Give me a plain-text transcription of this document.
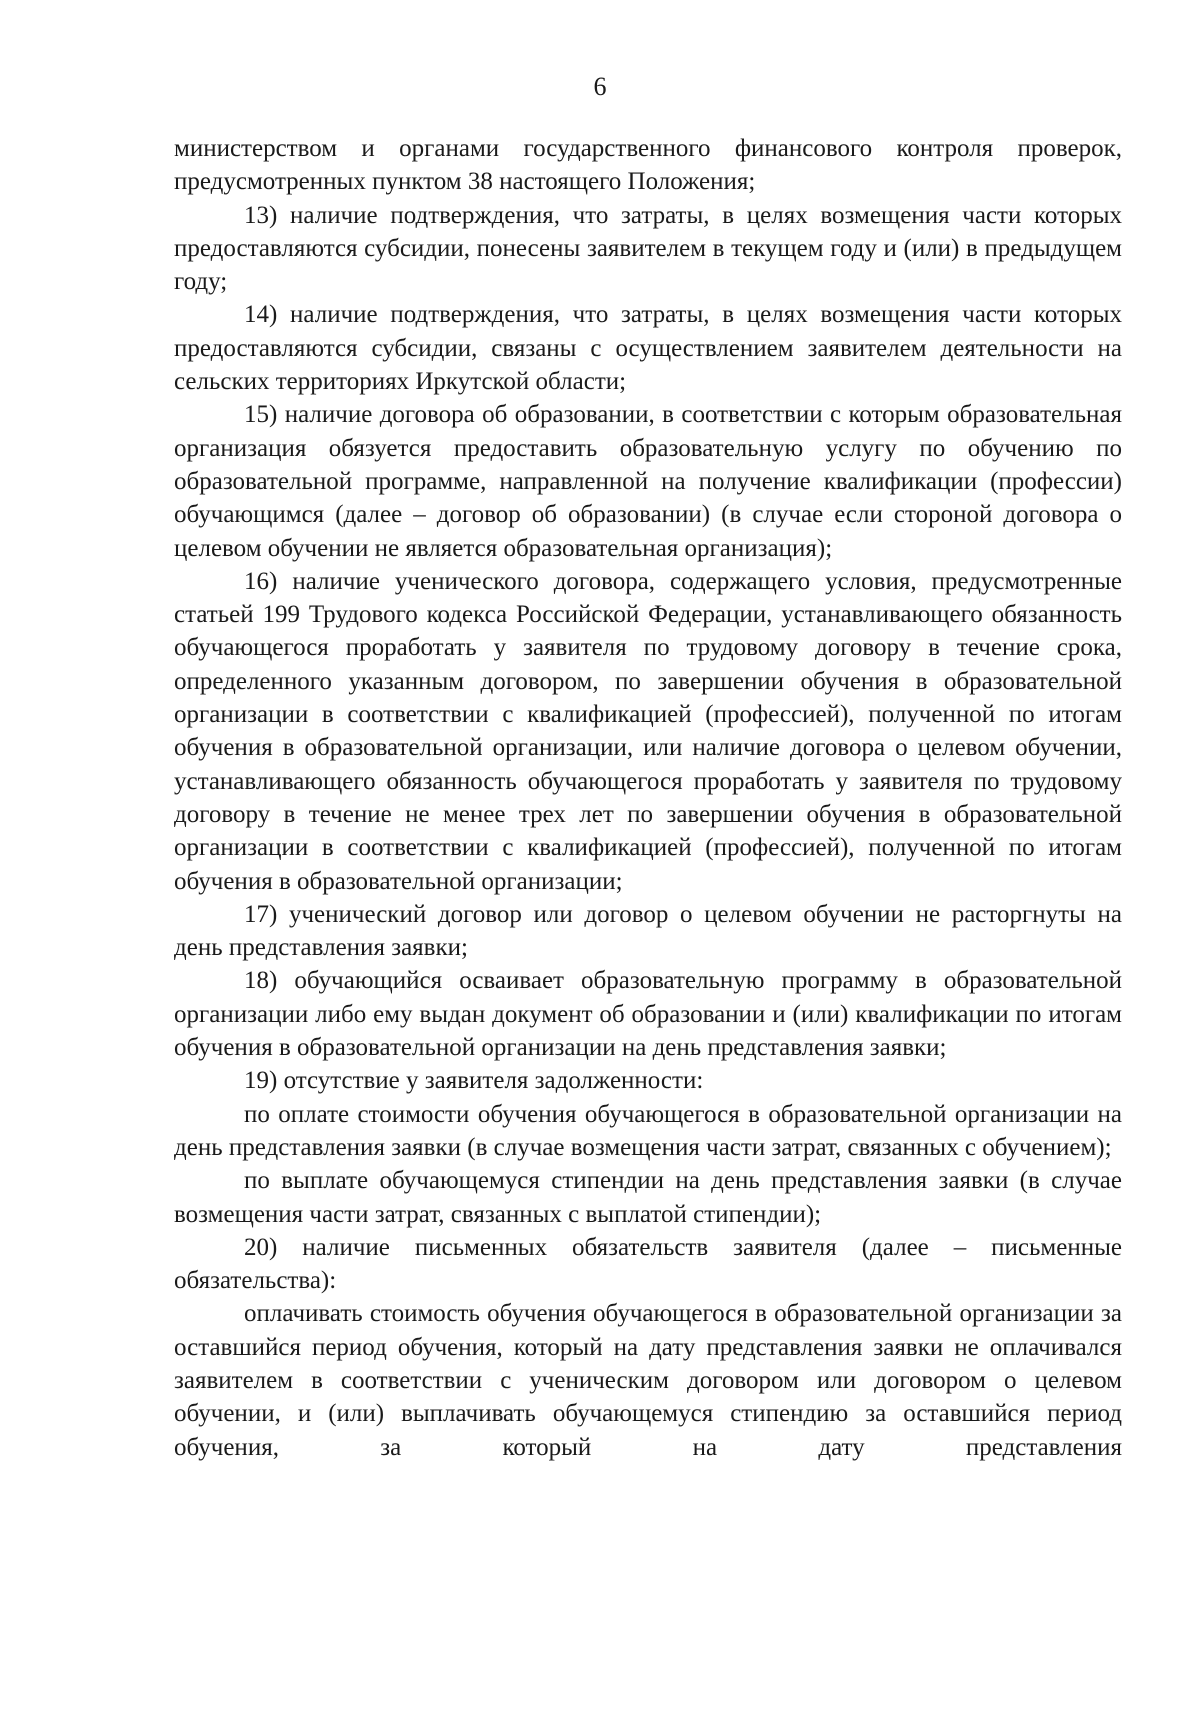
6

министерством и органами государственного финансового контроля проверок, предусмотренных пунктом 38 настоящего Положения;

13) наличие подтверждения, что затраты, в целях возмещения части которых предоставляются субсидии, понесены заявителем в текущем году и (или) в предыдущем году;

14) наличие подтверждения, что затраты, в целях возмещения части которых предоставляются субсидии, связаны с осуществлением заявителем деятельности на сельских территориях Иркутской области;

15) наличие договора об образовании, в соответствии с которым образовательная организация обязуется предоставить образовательную услугу по обучению по образовательной программе, направленной на получение квалификации (профессии) обучающимся (далее – договор об образовании) (в случае если стороной договора о целевом обучении не является образовательная организация);

16) наличие ученического договора, содержащего условия, предусмотренные статьей 199 Трудового кодекса Российской Федерации, устанавливающего обязанность обучающегося проработать у заявителя по трудовому договору в течение срока, определенного указанным договором, по завершении обучения в образовательной организации в соответствии с квалификацией (профессией), полученной по итогам обучения в образовательной организации, или наличие договора о целевом обучении, устанавливающего обязанность обучающегося проработать у заявителя по трудовому договору в течение не менее трех лет по завершении обучения в образовательной организации в соответствии с квалификацией (профессией), полученной по итогам обучения в образовательной организации;

17) ученический договор или договор о целевом обучении не расторгнуты на день представления заявки;

18) обучающийся осваивает образовательную программу в образовательной организации либо ему выдан документ об образовании и (или) квалификации по итогам обучения в образовательной организации на день представления заявки;

19) отсутствие у заявителя задолженности:

по оплате стоимости обучения обучающегося в образовательной организации на день представления заявки (в случае возмещения части затрат, связанных с обучением);

по выплате обучающемуся стипендии на день представления заявки (в случае возмещения части затрат, связанных с выплатой стипендии);

20) наличие письменных обязательств заявителя (далее – письменные обязательства):

оплачивать стоимость обучения обучающегося в образовательной организации за оставшийся период обучения, который на дату представления заявки не оплачивался заявителем в соответствии с ученическим договором или договором о целевом обучении, и (или) выплачивать обучающемуся стипендию за оставшийся период обучения, за который на дату представления
